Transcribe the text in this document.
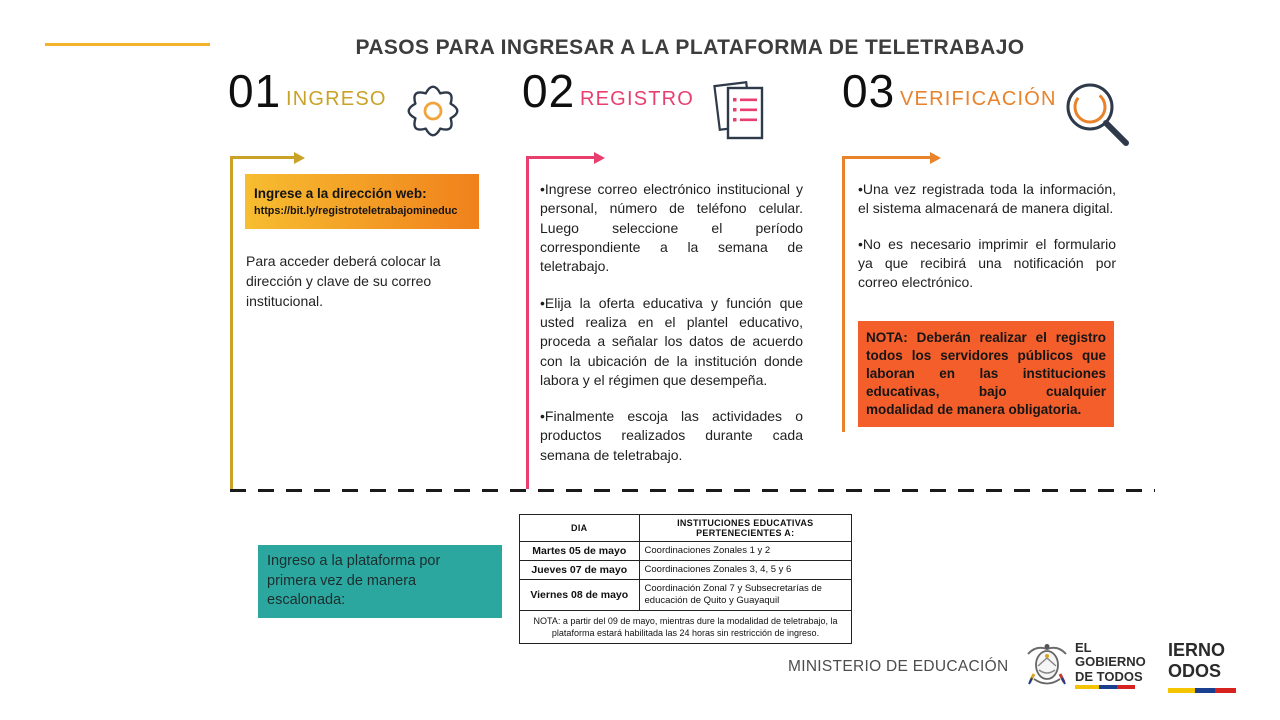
PASOS PARA INGRESAR A LA PLATAFORMA DE TELETRABAJO
01 INGRESO	02 REGISTRO	03 VERIFICACIÓN
Ingrese a la dirección web:
https://bit.ly/registroteletrabajomineduc
Para acceder deberá colocar la dirección y clave de su correo institucional.

•Ingrese correo electrónico institucional y personal, número de teléfono celular. Luego seleccione el período correspondiente a la semana de teletrabajo.

•Elija la oferta educativa y función que usted realiza en el plantel educativo, proceda a señalar los datos de acuerdo con la ubicación de la institución donde labora y el régimen que desempeña.

•Finalmente escoja las actividades o productos realizados durante cada semana de teletrabajo.

•Una vez registrada toda la información, el sistema almacenará de manera digital.

•No es necesario imprimir el formulario ya que recibirá una notificación por correo electrónico.

NOTA: Deberán realizar el registro todos los servidores públicos que laboran en las instituciones educativas, bajo cualquier modalidad de manera obligatoria.
Ingreso a la plataforma por primera vez de manera escalonada:
DIA	INSTITUCIONES EDUCATIVAS PERTENECIENTES A:
Martes 05 de mayo	Coordinaciones Zonales 1 y 2
Jueves 07 de mayo	Coordinaciones Zonales 3, 4, 5 y 6
Viernes 08 de mayo	Coordinación Zonal 7 y Subsecretarías de educación de Quito y Guayaquil
NOTA: a partir del 09 de mayo, mientras dure la modalidad de teletrabajo, la plataforma estará habilitada las 24 horas sin restricción de ingreso.	
MINISTERIO DE EDUCACIÓN
EL
GOBIERNO
DE TODOS
IERNO
ODOS
